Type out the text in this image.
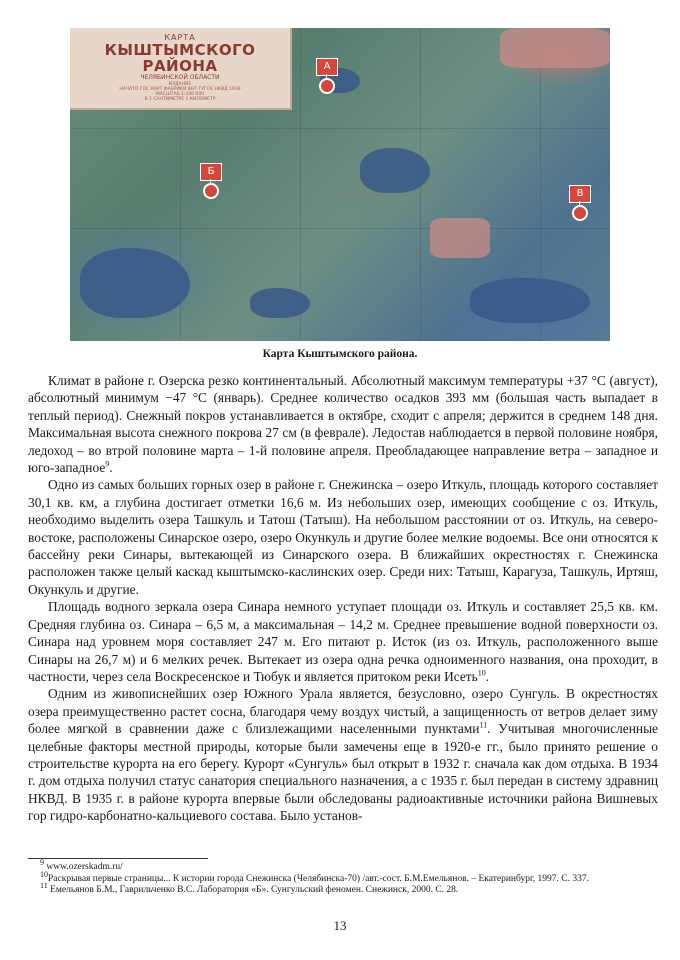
КАРТА
КЫШТЫМСКОГО РАЙОНА
ЧЕЛЯБИНСКОЙ ОБЛАСТИ
ИЗДАНИЕ
НАЧАТО ГОС КАРТ ФАБРИКИ ВНТ ГУГСК НКВД 1939
МАСШТАБ 1:100 000
В 1 САНТИМЕТРЕ 1 КИЛОМЕТР
А
Б
В
Карта Кыштымского района.

Климат в районе г. Озерска резко континентальный. Абсолютный максимум температуры +37 °С (август), абсолютный минимум −47 °С (январь). Среднее количество осадков 393 мм (большая часть выпадает в теплый период). Снежный покров устанавливается в октябре, сходит с апреля; держится в среднем 148 дня. Максимальная высота снежного покрова 27 см (в феврале). Ледостав наблюдается в первой половине ноября, ледоход – во втрой половине марта – 1-й половине апреля. Преобладающее направление ветра – западное и юго-западное$^9$.

Одно из самых больших горных озер в районе г. Снежинска – озеро Иткуль, площадь которого составляет 30,1 кв. км, а глубина достигает отметки 16,6 м. Из небольших озер, имеющих сообщение с оз. Иткуль, необходимо выделить озера Ташкуль и Татош (Татыш). На небольшом расстоянии от оз. Иткуль, на северо-востоке, расположены Синарское озеро, озеро Окункуль и другие более мелкие водоемы. Все они относятся к бассейну реки Синары, вытекающей из Синарского озера. В ближайших окрестностях г. Снежинска расположен также целый каскад кыштымско-каслинских озер. Среди них: Татыш, Карагуза, Ташкуль, Иртяш, Окункуль и другие.

Площадь водного зеркала озера Синара немного уступает площади оз. Иткуль и составляет 25,5 кв. км. Средняя глубина оз. Синара – 6,5 м, а максимальная – 14,2 м. Среднее превышение водной поверхности оз. Синара над уровнем моря составляет 247 м. Его питают р. Исток (из оз. Иткуль, расположенного выше Синары на 26,7 м) и 6 мелких речек. Вытекает из озера одна речка одноименного названия, она проходит, в частности, через села Воскресенское и Тюбук и является притоком реки Исеть$^{10}$.

Одним из живописнейших озер Южного Урала является, безусловно, озеро Сунгуль. В окрестностях озера преимущественно растет сосна, благодаря чему воздух чистый, а защищенность от ветров делает зиму более мягкой в сравнении даже с близлежащими населенными пунктами$^{11}$. Учитывая многочисленные целебные факторы местной природы, которые были замечены еще в 1920-е гг., было принято решение о строительстве курорта на его берегу. Курорт «Сунгуль» был открыт в 1932 г. сначала как дом отдыха. В 1934 г. дом отдыха получил статус санатория специального назначения, а с 1935 г. был передан в систему здравниц НКВД. В 1935 г. в районе курорта впервые были обследованы радиоактивные источники района Вишневых гор гидро-карбонатно-кальциевого состава. Было установ-

$^9$ www.ozerskadm.ru/
$^{10}$Раскрывая первые страницы... К истории города Снежинска (Челябинска-70) /авт.-сост. Б.М.Емельянов. – Екатеринбург, 1997. С. 337.
$^{11}$ Емельянов Б.М., Гаврильченко В.С. Лаборатория «Б». Сунгульский феномен. Снежинск, 2000. С. 28.
13
